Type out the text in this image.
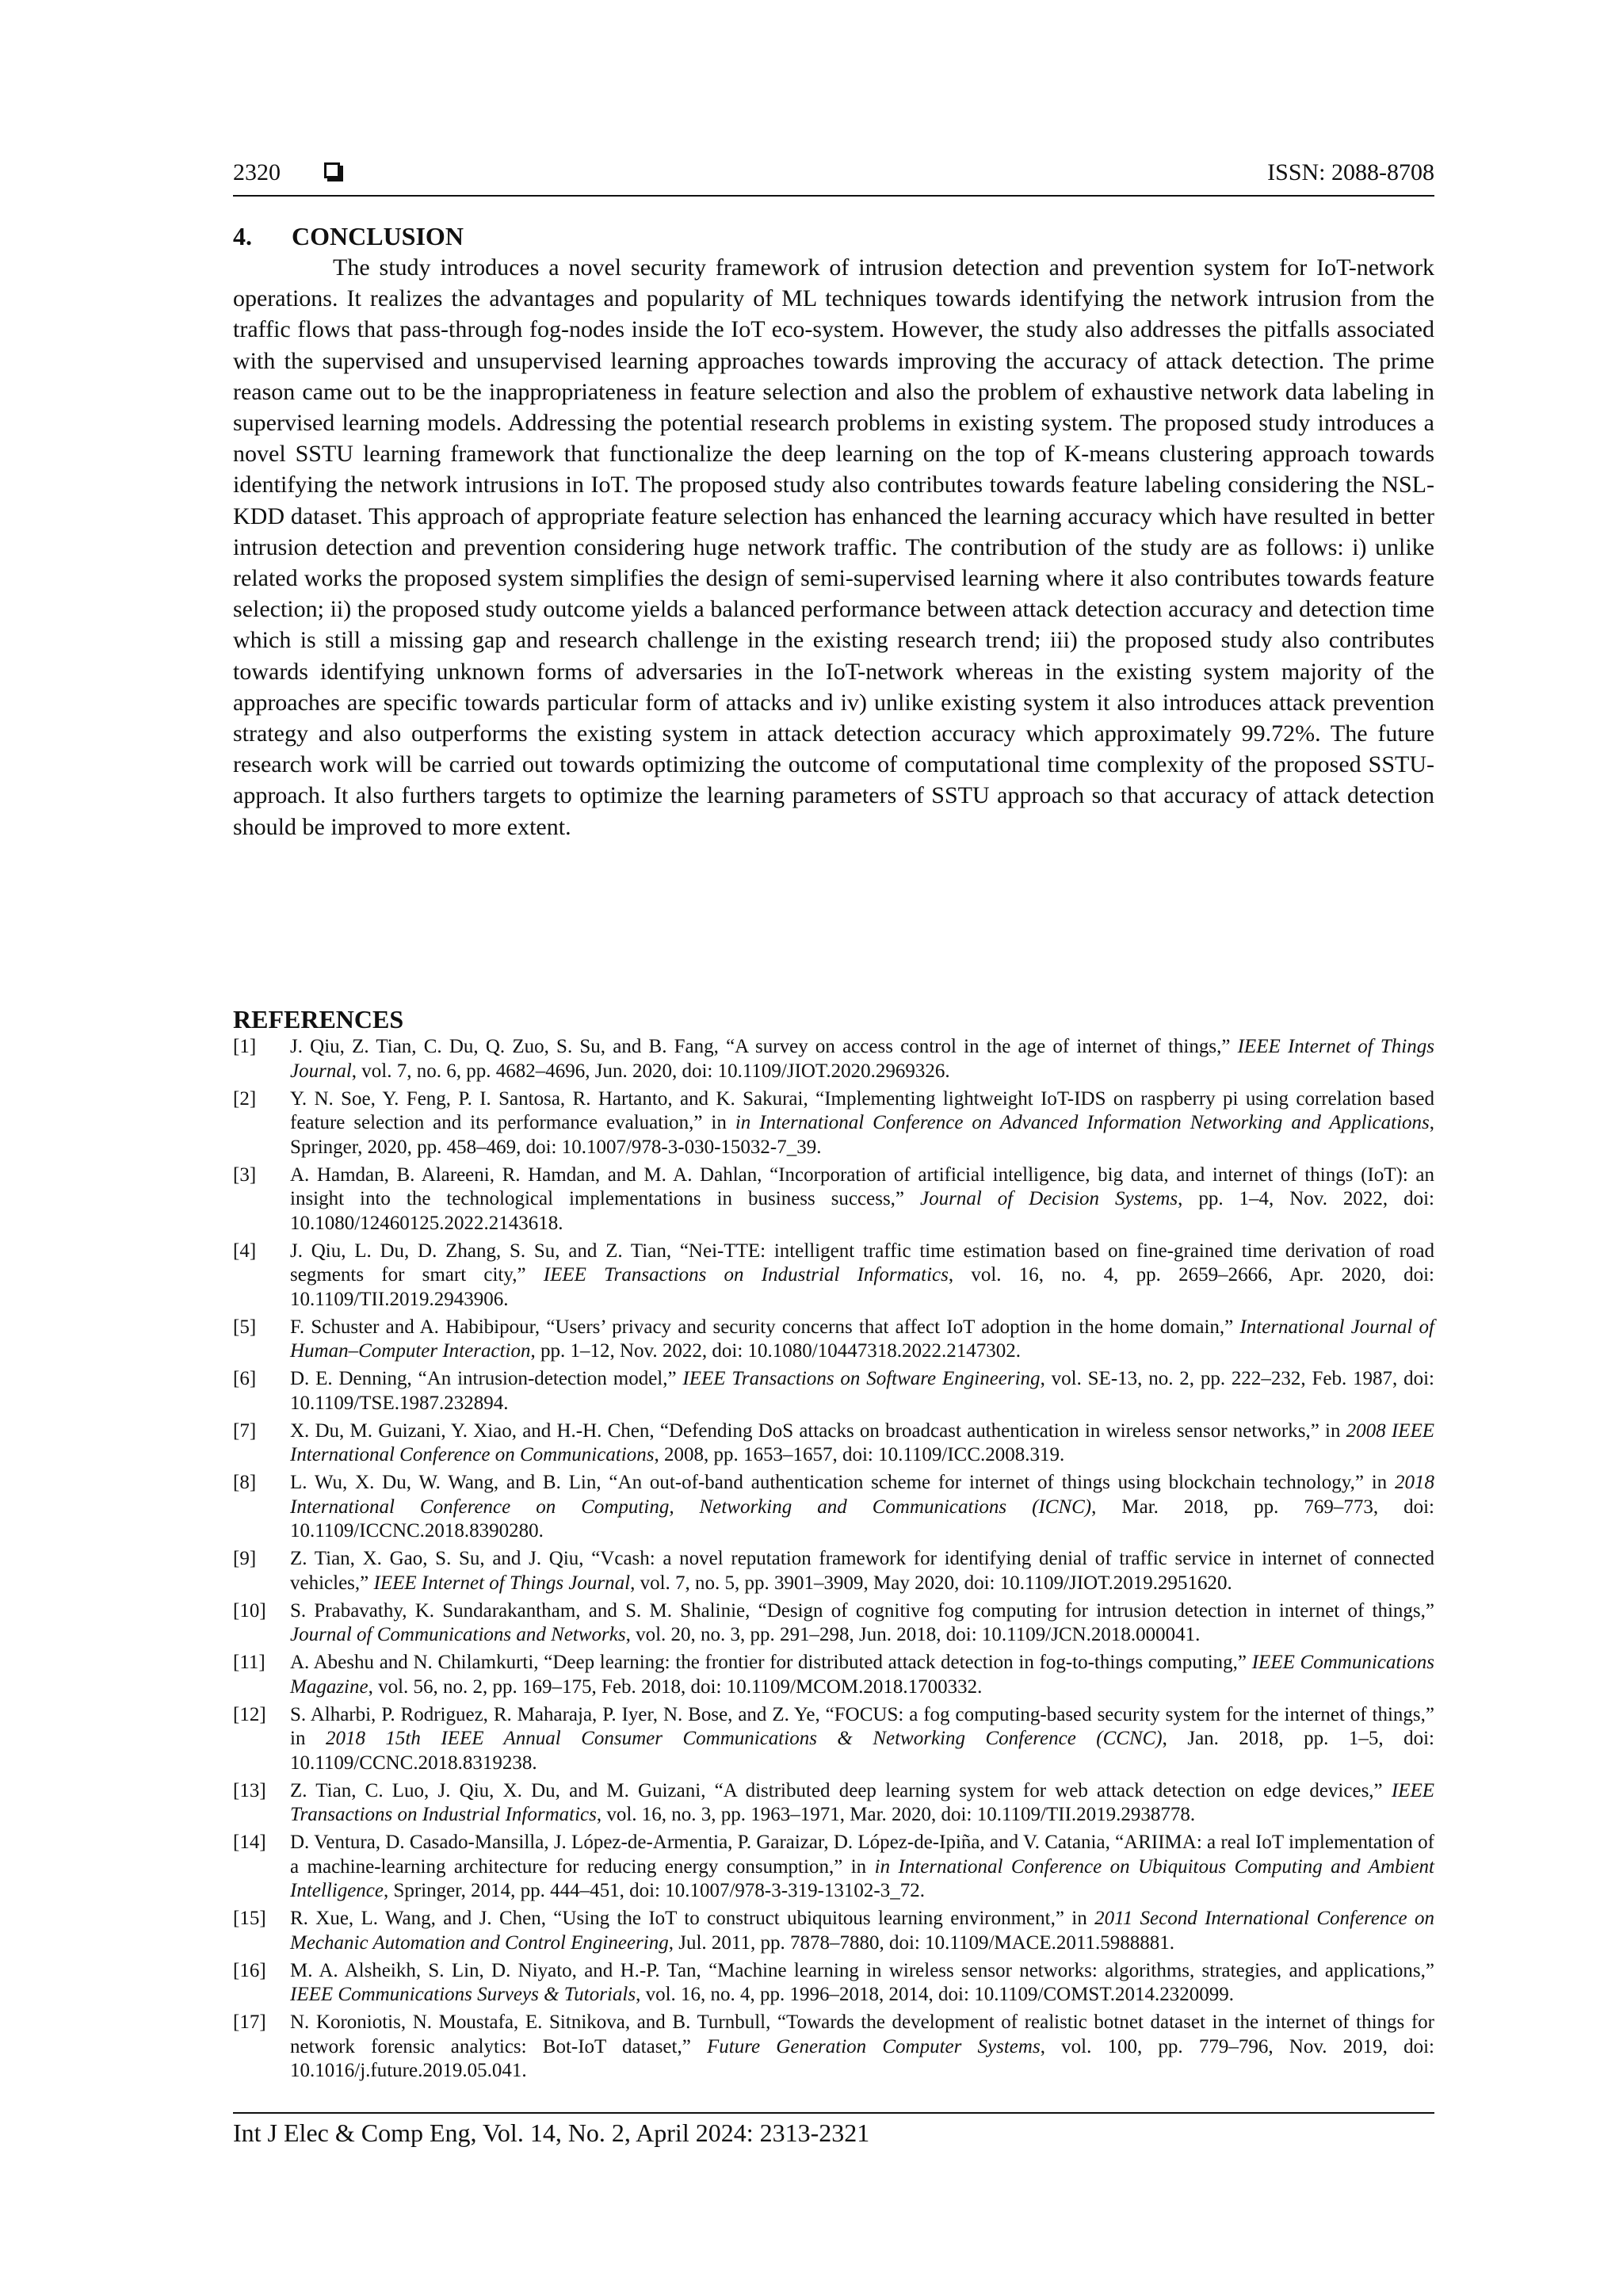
2320	ISSN: 2088-8708
4. CONCLUSION

The study introduces a novel security framework of intrusion detection and prevention system for IoT-network operations. It realizes the advantages and popularity of ML techniques towards identifying the network intrusion from the traffic flows that pass-through fog-nodes inside the IoT eco-system. However, the study also addresses the pitfalls associated with the supervised and unsupervised learning approaches towards improving the accuracy of attack detection. The prime reason came out to be the inappropriateness in feature selection and also the problem of exhaustive network data labeling in supervised learning models. Addressing the potential research problems in existing system. The proposed study introduces a novel SSTU learning framework that functionalize the deep learning on the top of K-means clustering approach towards identifying the network intrusions in IoT. The proposed study also contributes towards feature labeling considering the NSL-KDD dataset. This approach of appropriate feature selection has enhanced the learning accuracy which have resulted in better intrusion detection and prevention considering huge network traffic. The contribution of the study are as follows: i) unlike related works the proposed system simplifies the design of semi-supervised learning where it also contributes towards feature selection; ii) the proposed study outcome yields a balanced performance between attack detection accuracy and detection time which is still a missing gap and research challenge in the existing research trend; iii) the proposed study also contributes towards identifying unknown forms of adversaries in the IoT-network whereas in the existing system majority of the approaches are specific towards particular form of attacks and iv) unlike existing system it also introduces attack prevention strategy and also outperforms the existing system in attack detection accuracy which approximately 99.72%. The future research work will be carried out towards optimizing the outcome of computational time complexity of the proposed SSTU-approach. It also furthers targets to optimize the learning parameters of SSTU approach so that accuracy of attack detection should be improved to more extent.

REFERENCES
[1] J. Qiu, Z. Tian, C. Du, Q. Zuo, S. Su, and B. Fang, “A survey on access control in the age of internet of things,” IEEE Internet of Things Journal, vol. 7, no. 6, pp. 4682–4696, Jun. 2020, doi: 10.1109/JIOT.2020.2969326.
[2] Y. N. Soe, Y. Feng, P. I. Santosa, R. Hartanto, and K. Sakurai, “Implementing lightweight IoT-IDS on raspberry pi using correlation based feature selection and its performance evaluation,” in in International Conference on Advanced Information Networking and Applications, Springer, 2020, pp. 458–469, doi: 10.1007/978-3-030-15032-7_39.
[3] A. Hamdan, B. Alareeni, R. Hamdan, and M. A. Dahlan, “Incorporation of artificial intelligence, big data, and internet of things (IoT): an insight into the technological implementations in business success,” Journal of Decision Systems, pp. 1–4, Nov. 2022, doi: 10.1080/12460125.2022.2143618.
[4] J. Qiu, L. Du, D. Zhang, S. Su, and Z. Tian, “Nei-TTE: intelligent traffic time estimation based on fine-grained time derivation of road segments for smart city,” IEEE Transactions on Industrial Informatics, vol. 16, no. 4, pp. 2659–2666, Apr. 2020, doi: 10.1109/TII.2019.2943906.
[5] F. Schuster and A. Habibipour, “Users’ privacy and security concerns that affect IoT adoption in the home domain,” International Journal of Human–Computer Interaction, pp. 1–12, Nov. 2022, doi: 10.1080/10447318.2022.2147302.
[6] D. E. Denning, “An intrusion-detection model,” IEEE Transactions on Software Engineering, vol. SE-13, no. 2, pp. 222–232, Feb. 1987, doi: 10.1109/TSE.1987.232894.
[7] X. Du, M. Guizani, Y. Xiao, and H.-H. Chen, “Defending DoS attacks on broadcast authentication in wireless sensor networks,” in 2008 IEEE International Conference on Communications, 2008, pp. 1653–1657, doi: 10.1109/ICC.2008.319.
[8] L. Wu, X. Du, W. Wang, and B. Lin, “An out-of-band authentication scheme for internet of things using blockchain technology,” in 2018 International Conference on Computing, Networking and Communications (ICNC), Mar. 2018, pp. 769–773, doi: 10.1109/ICCNC.2018.8390280.
[9] Z. Tian, X. Gao, S. Su, and J. Qiu, “Vcash: a novel reputation framework for identifying denial of traffic service in internet of connected vehicles,” IEEE Internet of Things Journal, vol. 7, no. 5, pp. 3901–3909, May 2020, doi: 10.1109/JIOT.2019.2951620.
[10] S. Prabavathy, K. Sundarakantham, and S. M. Shalinie, “Design of cognitive fog computing for intrusion detection in internet of things,” Journal of Communications and Networks, vol. 20, no. 3, pp. 291–298, Jun. 2018, doi: 10.1109/JCN.2018.000041.
[11] A. Abeshu and N. Chilamkurti, “Deep learning: the frontier for distributed attack detection in fog-to-things computing,” IEEE Communications Magazine, vol. 56, no. 2, pp. 169–175, Feb. 2018, doi: 10.1109/MCOM.2018.1700332.
[12] S. Alharbi, P. Rodriguez, R. Maharaja, P. Iyer, N. Bose, and Z. Ye, “FOCUS: a fog computing-based security system for the internet of things,” in 2018 15th IEEE Annual Consumer Communications & Networking Conference (CCNC), Jan. 2018, pp. 1–5, doi: 10.1109/CCNC.2018.8319238.
[13] Z. Tian, C. Luo, J. Qiu, X. Du, and M. Guizani, “A distributed deep learning system for web attack detection on edge devices,” IEEE Transactions on Industrial Informatics, vol. 16, no. 3, pp. 1963–1971, Mar. 2020, doi: 10.1109/TII.2019.2938778.
[14] D. Ventura, D. Casado-Mansilla, J. López-de-Armentia, P. Garaizar, D. López-de-Ipiña, and V. Catania, “ARIIMA: a real IoT implementation of a machine-learning architecture for reducing energy consumption,” in in International Conference on Ubiquitous Computing and Ambient Intelligence, Springer, 2014, pp. 444–451, doi: 10.1007/978-3-319-13102-3_72.
[15] R. Xue, L. Wang, and J. Chen, “Using the IoT to construct ubiquitous learning environment,” in 2011 Second International Conference on Mechanic Automation and Control Engineering, Jul. 2011, pp. 7878–7880, doi: 10.1109/MACE.2011.5988881.
[16] M. A. Alsheikh, S. Lin, D. Niyato, and H.-P. Tan, “Machine learning in wireless sensor networks: algorithms, strategies, and applications,” IEEE Communications Surveys & Tutorials, vol. 16, no. 4, pp. 1996–2018, 2014, doi: 10.1109/COMST.2014.2320099.
[17] N. Koroniotis, N. Moustafa, E. Sitnikova, and B. Turnbull, “Towards the development of realistic botnet dataset in the internet of things for network forensic analytics: Bot-IoT dataset,” Future Generation Computer Systems, vol. 100, pp. 779–796, Nov. 2019, doi: 10.1016/j.future.2019.05.041.
Int J Elec & Comp Eng, Vol. 14, No. 2, April 2024: 2313-2321
